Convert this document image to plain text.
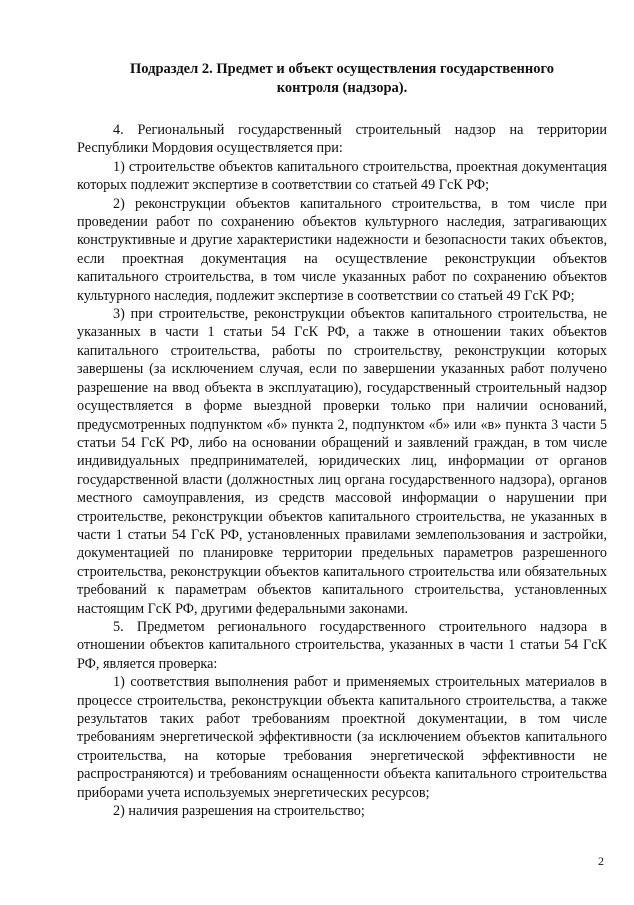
Подраздел 2. Предмет и объект осуществления государственного
контроля (надзора).

4. Региональный государственный строительный надзор на территории Республики Мордовия осуществляется при:

1) строительстве объектов капитального строительства, проектная документация которых подлежит экспертизе в соответствии со статьей 49 ГсК РФ;

2) реконструкции объектов капитального строительства, в том числе при проведении работ по сохранению объектов культурного наследия, затрагивающих конструктивные и другие характеристики надежности и безопасности таких объектов, если проектная документация на осуществление реконструкции объектов капитального строительства, в том числе указанных работ по сохранению объектов культурного наследия, подлежит экспертизе в соответствии со статьей 49 ГсК РФ;

3) при строительстве, реконструкции объектов капитального строительства, не указанных в части 1 статьи 54 ГсК РФ, а также в отношении таких объектов капитального строительства, работы по строительству, реконструкции которых завершены (за исключением случая, если по завершении указанных работ получено разрешение на ввод объекта в эксплуатацию), государственный строительный надзор осуществляется в форме выездной проверки только при наличии оснований, предусмотренных подпунктом «б» пункта 2, подпунктом «б» или «в» пункта 3 части 5 статьи 54 ГсК РФ, либо на основании обращений и заявлений граждан, в том числе индивидуальных предпринимателей, юридических лиц, информации от органов государственной власти (должностных лиц органа государственного надзора), органов местного самоуправления, из средств массовой информации о нарушении при строительстве, реконструкции объектов капитального строительства, не указанных в части 1 статьи 54 ГсК РФ, установленных правилами землепользования и застройки, документацией по планировке территории предельных параметров разрешенного строительства, реконструкции объектов капитального строительства или обязательных требований к параметрам объектов капитального строительства, установленных настоящим ГсК РФ, другими федеральными законами.

5. Предметом регионального государственного строительного надзора в отношении объектов капитального строительства, указанных в части 1 статьи 54 ГсК РФ, является проверка:

1) соответствия выполнения работ и применяемых строительных материалов в процессе строительства, реконструкции объекта капитального строительства, а также результатов таких работ требованиям проектной документации, в том числе требованиям энергетической эффективности (за исключением объектов капитального строительства, на которые требования энергетической эффективности не распространяются) и требованиям оснащенности объекта капитального строительства приборами учета используемых энергетических ресурсов;

2) наличия разрешения на строительство;

2
